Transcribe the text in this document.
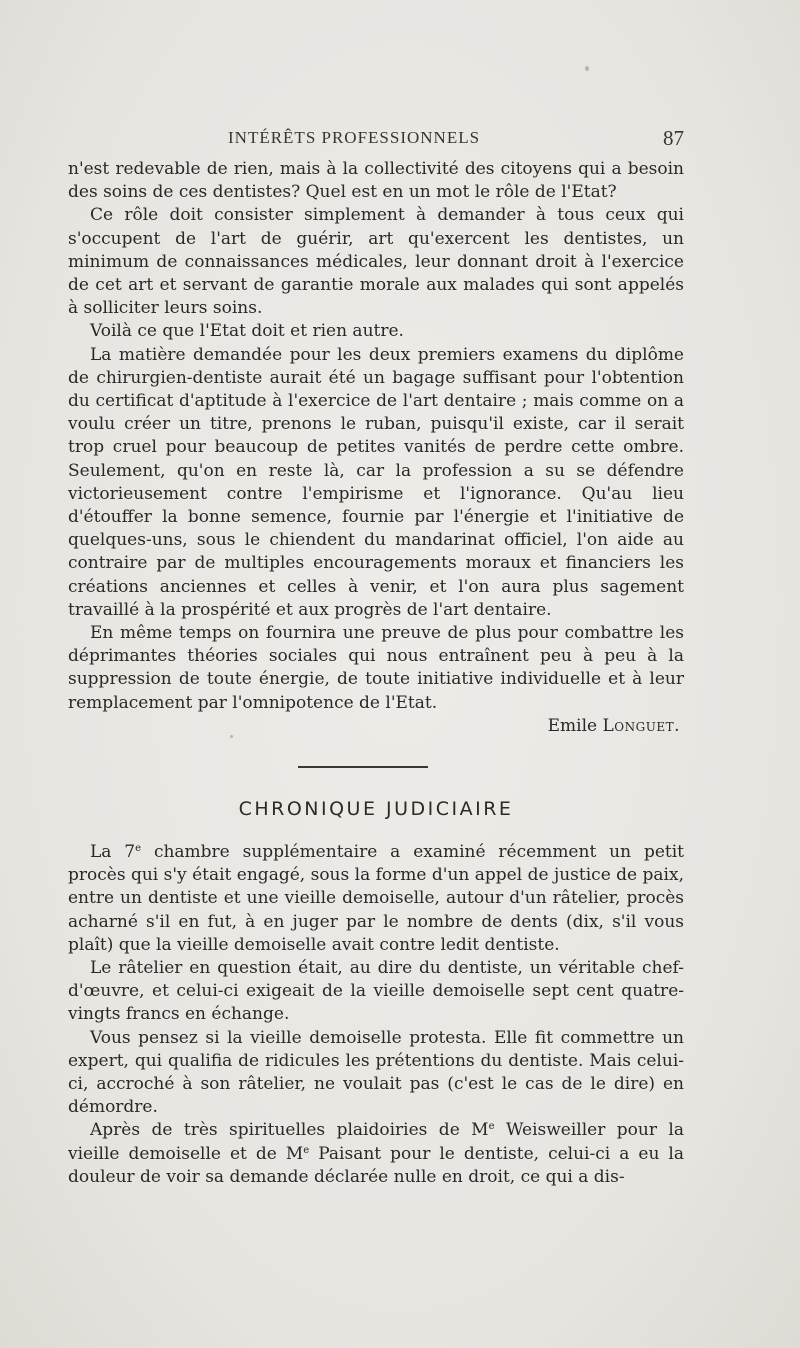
INTÉRÊTS PROFESSIONNELS	87

n'est redevable de rien, mais à la collectivité des citoyens qui a besoin des soins de ces dentistes? Quel est en un mot le rôle de l'Etat?

Ce rôle doit consister simplement à demander à tous ceux qui s'occupent de l'art de guérir, art qu'exercent les dentistes, un minimum de connaissances médicales, leur donnant droit à l'exercice de cet art et servant de garantie morale aux malades qui sont appelés à solliciter leurs soins.

Voilà ce que l'Etat doit et rien autre.

La matière demandée pour les deux premiers examens du diplôme de chirurgien-dentiste aurait été un bagage suffisant pour l'obtention du certificat d'aptitude à l'exercice de l'art dentaire ; mais comme on a voulu créer un titre, prenons le ruban, puisqu'il existe, car il serait trop cruel pour beaucoup de petites vanités de perdre cette ombre. Seulement, qu'on en reste là, car la profession a su se défendre victorieusement contre l'empirisme et l'ignorance. Qu'au lieu d'étouffer la bonne semence, fournie par l'énergie et l'initiative de quelques-uns, sous le chiendent du mandarinat officiel, l'on aide au contraire par de multiples encouragements moraux et financiers les créations anciennes et celles à venir, et l'on aura plus sagement travaillé à la prospérité et aux progrès de l'art dentaire.

En même temps on fournira une preuve de plus pour combattre les déprimantes théories sociales qui nous entraînent peu à peu à la suppression de toute énergie, de toute initiative individuelle et à leur remplacement par l'omnipotence de l'Etat.

Emile Longuet.

CHRONIQUE JUDICIAIRE

La 7e chambre supplémentaire a examiné récemment un petit procès qui s'y était engagé, sous la forme d'un appel de justice de paix, entre un dentiste et une vieille demoiselle, autour d'un râtelier, procès acharné s'il en fut, à en juger par le nombre de dents (dix, s'il vous plaît) que la vieille demoiselle avait contre ledit dentiste.

Le râtelier en question était, au dire du dentiste, un véritable chef-d'œuvre, et celui-ci exigeait de la vieille demoiselle sept cent quatre-vingts francs en échange.

Vous pensez si la vieille demoiselle protesta. Elle fit commettre un expert, qui qualifia de ridicules les prétentions du dentiste. Mais celui-ci, accroché à son râtelier, ne voulait pas (c'est le cas de le dire) en démordre.

Après de très spirituelles plaidoiries de Me Weisweiller pour la vieille demoiselle et de Me Paisant pour le dentiste, celui-ci a eu la douleur de voir sa demande déclarée nulle en droit, ce qui a dis-
